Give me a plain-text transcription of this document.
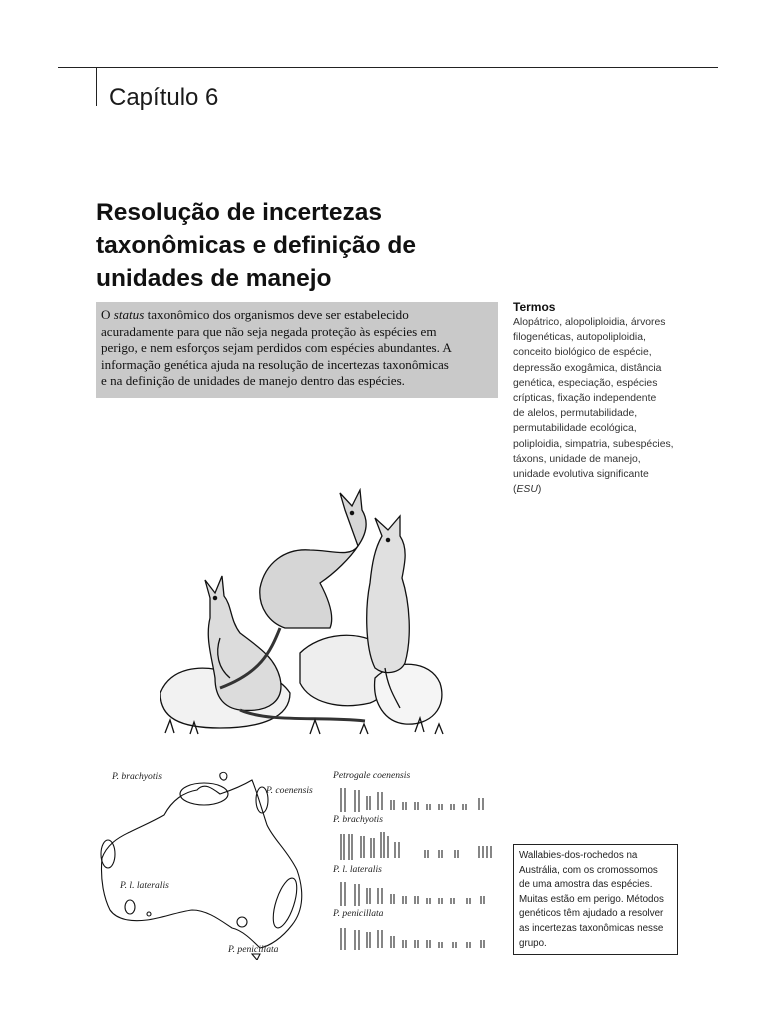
Capítulo 6
Resolução de incertezas
taxonômicas e definição de
unidades de manejo
O status taxonômico dos organismos deve ser estabelecido
acuradamente para que não seja negada proteção às espécies em
perigo, e nem esforços sejam perdidos com espécies abundantes. A
informação genética ajuda na resolução de incertezas taxonômicas
e na definição de unidades de manejo dentro das espécies.
Termos
Alopátrico, alopoliploidia, árvores
filogenéticas, autopoliploidia,
conceito biológico de espécie,
depressão exogâmica, distância
genética, especiação, espécies
crípticas, fixação independente
de alelos, permutabilidade,
permutabilidade ecológica,
poliploidia, simpatria, subespécies,
táxons, unidade de manejo,
unidade evolutiva significante
(ESU)
P. brachyotis
P. coenensis
P. l. lateralis
P. penicillata
Petrogale coenensis
P. brachyotis
P. l. lateralis
P. penicillata
Wallabies-dos-rochedos na
Austrália, com os cromossomos
de uma amostra das espécies.
Muitas estão em perigo. Métodos
genéticos têm ajudado a resolver
as incertezas taxonômicas nesse
grupo.
